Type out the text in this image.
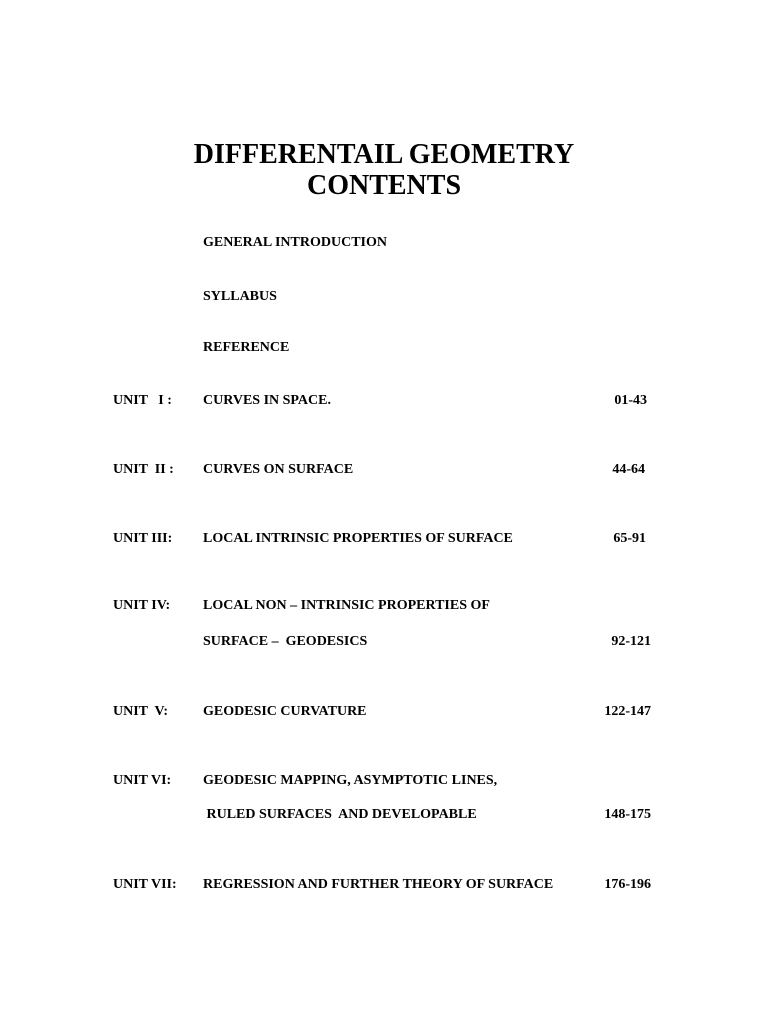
DIFFERENTAIL GEOMETRY
CONTENTS
GENERAL INTRODUCTION
SYLLABUS
REFERENCE
UNIT   I : CURVES IN SPACE.	01-43
UNIT  II : CURVES ON SURFACE	44-64
UNIT III: LOCAL INTRINSIC PROPERTIES OF SURFACE	65-91
UNIT IV: LOCAL NON – INTRINSIC PROPERTIES OF
SURFACE –  GEODESICS	92-121
UNIT  V:	GEODESIC CURVATURE	122-147
UNIT VI: GEODESIC MAPPING, ASYMPTOTIC LINES,
RULED SURFACES  AND DEVELOPABLE	148-175
UNIT VII: REGRESSION AND FURTHER THEORY OF SURFACE	176-196
